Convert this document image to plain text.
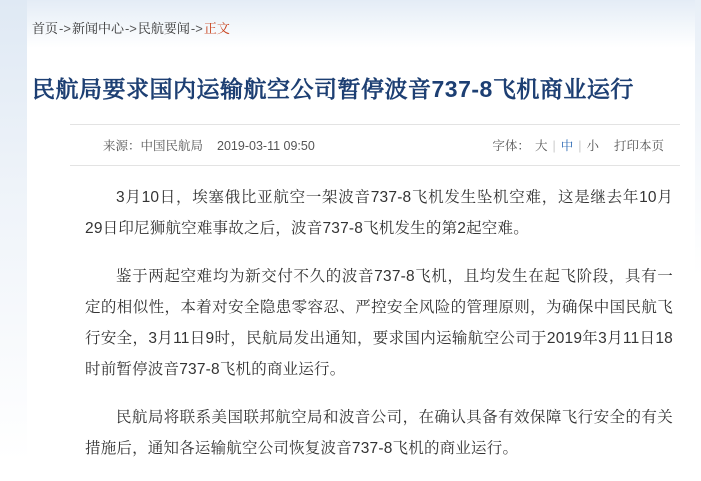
首页->新闻中心->民航要闻->正文
民航局要求国内运输航空公司暂停波音737-8飞机商业运行
来源：中国民航局 2019-03-11 09:50	字体： 大 | 中 | 小 打印本页

3月10日，埃塞俄比亚航空一架波音737-8飞机发生坠机空难，这是继去年10月29日印尼狮航空难事故之后，波音737-8飞机发生的第2起空难。

鉴于两起空难均为新交付不久的波音737-8飞机，且均发生在起飞阶段，具有一定的相似性，本着对安全隐患零容忍、严控安全风险的管理原则，为确保中国民航飞行安全，3月11日9时，民航局发出通知，要求国内运输航空公司于2019年3月11日18时前暂停波音737-8飞机的商业运行。

民航局将联系美国联邦航空局和波音公司，在确认具备有效保障飞行安全的有关措施后，通知各运输航空公司恢复波音737-8飞机的商业运行。
